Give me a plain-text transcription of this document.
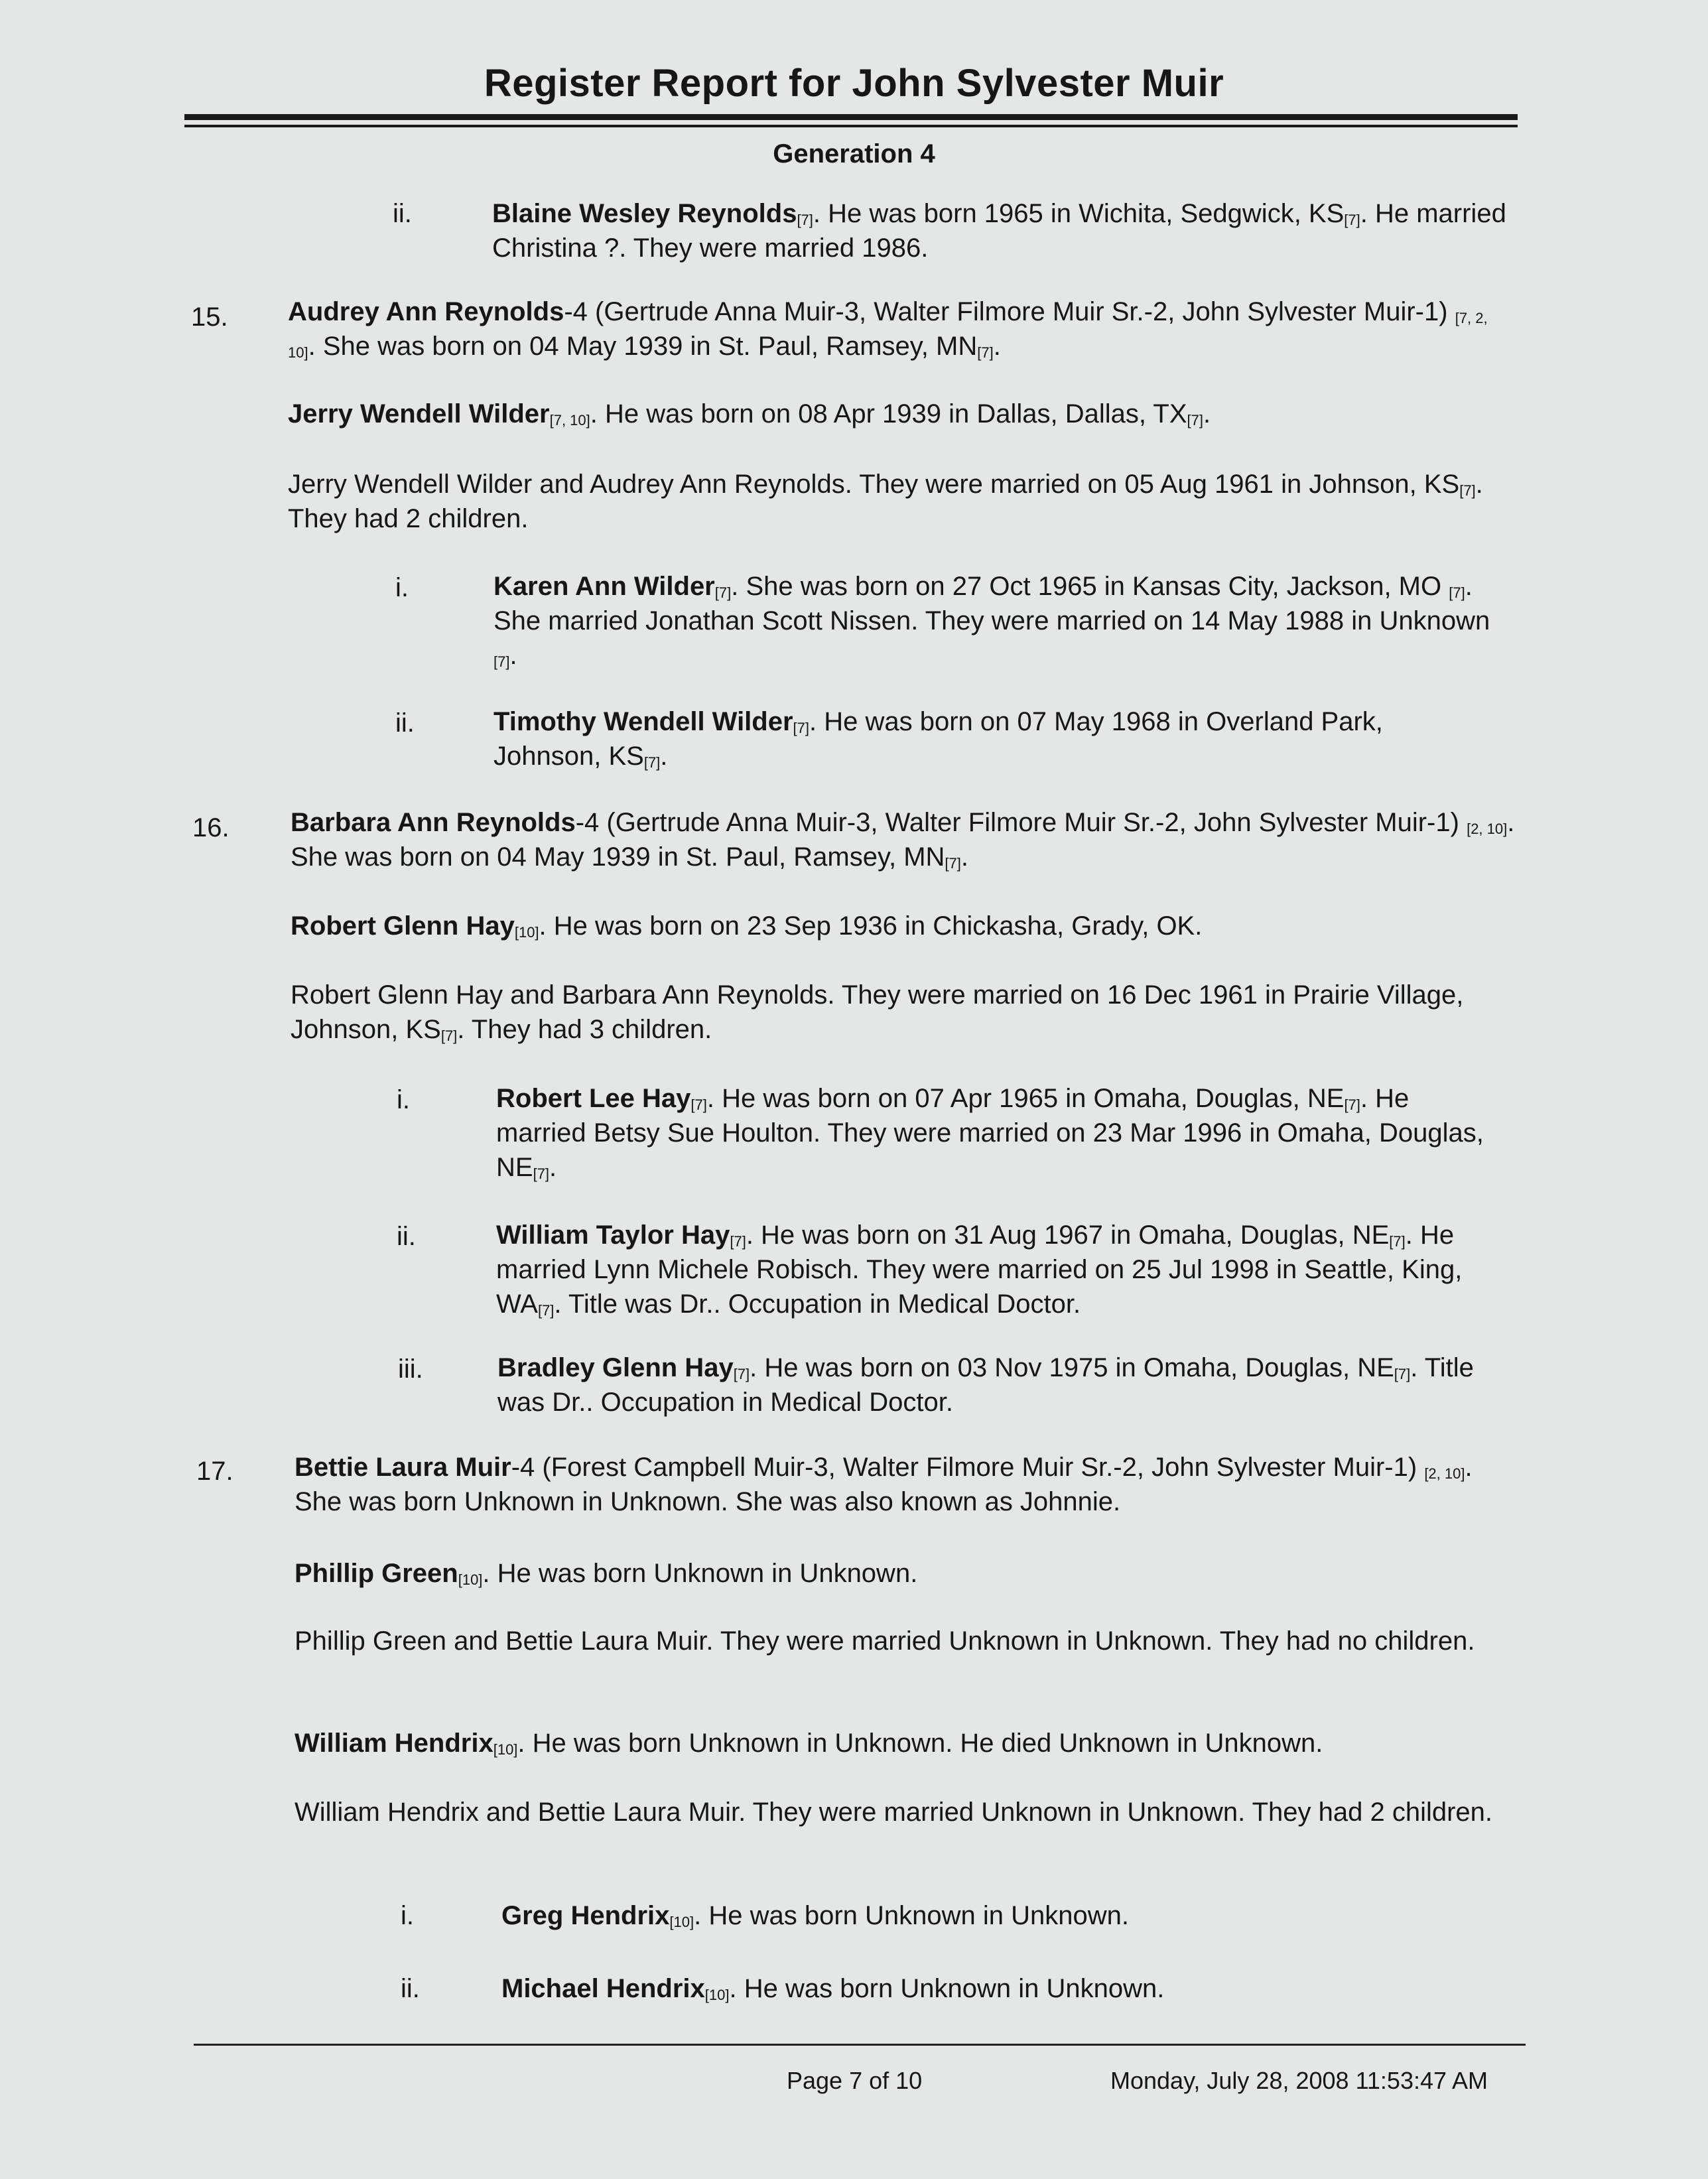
Register Report for John Sylvester Muir
Generation 4
ii.	Blaine Wesley Reynolds$_{[7]}$. He was born 1965 in Wichita, Sedgwick, $KS_{[7]}$. He married Christina ?. They were married 1986.
15. Audrey Ann Reynolds-4 (Gertrude Anna Muir-3, Walter Filmore Muir Sr.-2, John Sylvester Muir-1) $_{[7, 2, 10]}$. She was born on 04 May 1939 in St. Paul, Ramsey, $MN_{[7]}$.
Jerry Wendell Wilder$_{[7, 10]}$. He was born on 08 Apr 1939 in Dallas, Dallas, $TX_{[7]}$.
Jerry Wendell Wilder and Audrey Ann Reynolds. They were married on 05 Aug 1961 in Johnson, $KS_{[7]}$. They had 2 children.
i.	Karen Ann Wilder$_{[7]}$. She was born on 27 Oct 1965 in Kansas City, Jackson, MO $_{[7]}$. She married Jonathan Scott Nissen. They were married on 14 May 1988 in Unknown $_{[7]}$.
ii.	Timothy Wendell Wilder$_{[7]}$. He was born on 07 May 1968 in Overland Park, Johnson, $KS_{[7]}$.
16. Barbara Ann Reynolds-4 (Gertrude Anna Muir-3, Walter Filmore Muir Sr.-2, John Sylvester Muir-1) $_{[2, 10]}$. She was born on 04 May 1939 in St. Paul, Ramsey, $MN_{[7]}$.
Robert Glenn Hay$_{[10]}$. He was born on 23 Sep 1936 in Chickasha, Grady, OK.
Robert Glenn Hay and Barbara Ann Reynolds. They were married on 16 Dec 1961 in Prairie Village, Johnson, $KS_{[7]}$. They had 3 children.
i.	Robert Lee Hay$_{[7]}$. He was born on 07 Apr 1965 in Omaha, Douglas, $NE_{[7]}$. He married Betsy Sue Houlton. They were married on 23 Mar 1996 in Omaha, Douglas, $NE_{[7]}$.
ii.	William Taylor Hay$_{[7]}$. He was born on 31 Aug 1967 in Omaha, Douglas, $NE_{[7]}$. He married Lynn Michele Robisch. They were married on 25 Jul 1998 in Seattle, King, $WA_{[7]}$. Title was Dr.. Occupation in Medical Doctor.
iii.	Bradley Glenn Hay$_{[7]}$. He was born on 03 Nov 1975 in Omaha, Douglas, $NE_{[7]}$. Title was Dr.. Occupation in Medical Doctor.
17. Bettie Laura Muir-4 (Forest Campbell Muir-3, Walter Filmore Muir Sr.-2, John Sylvester Muir-1) $_{[2, 10]}$. She was born Unknown in Unknown. She was also known as Johnnie.
Phillip Green$_{[10]}$. He was born Unknown in Unknown.
Phillip Green and Bettie Laura Muir. They were married Unknown in Unknown. They had no children.
William Hendrix$_{[10]}$. He was born Unknown in Unknown. He died Unknown in Unknown.
William Hendrix and Bettie Laura Muir. They were married Unknown in Unknown. They had 2 children.
i.	Greg Hendrix$_{[10]}$. He was born Unknown in Unknown.
ii.	Michael Hendrix$_{[10]}$. He was born Unknown in Unknown.
Page 7 of 10	Monday, July 28, 2008 11:53:47 AM
